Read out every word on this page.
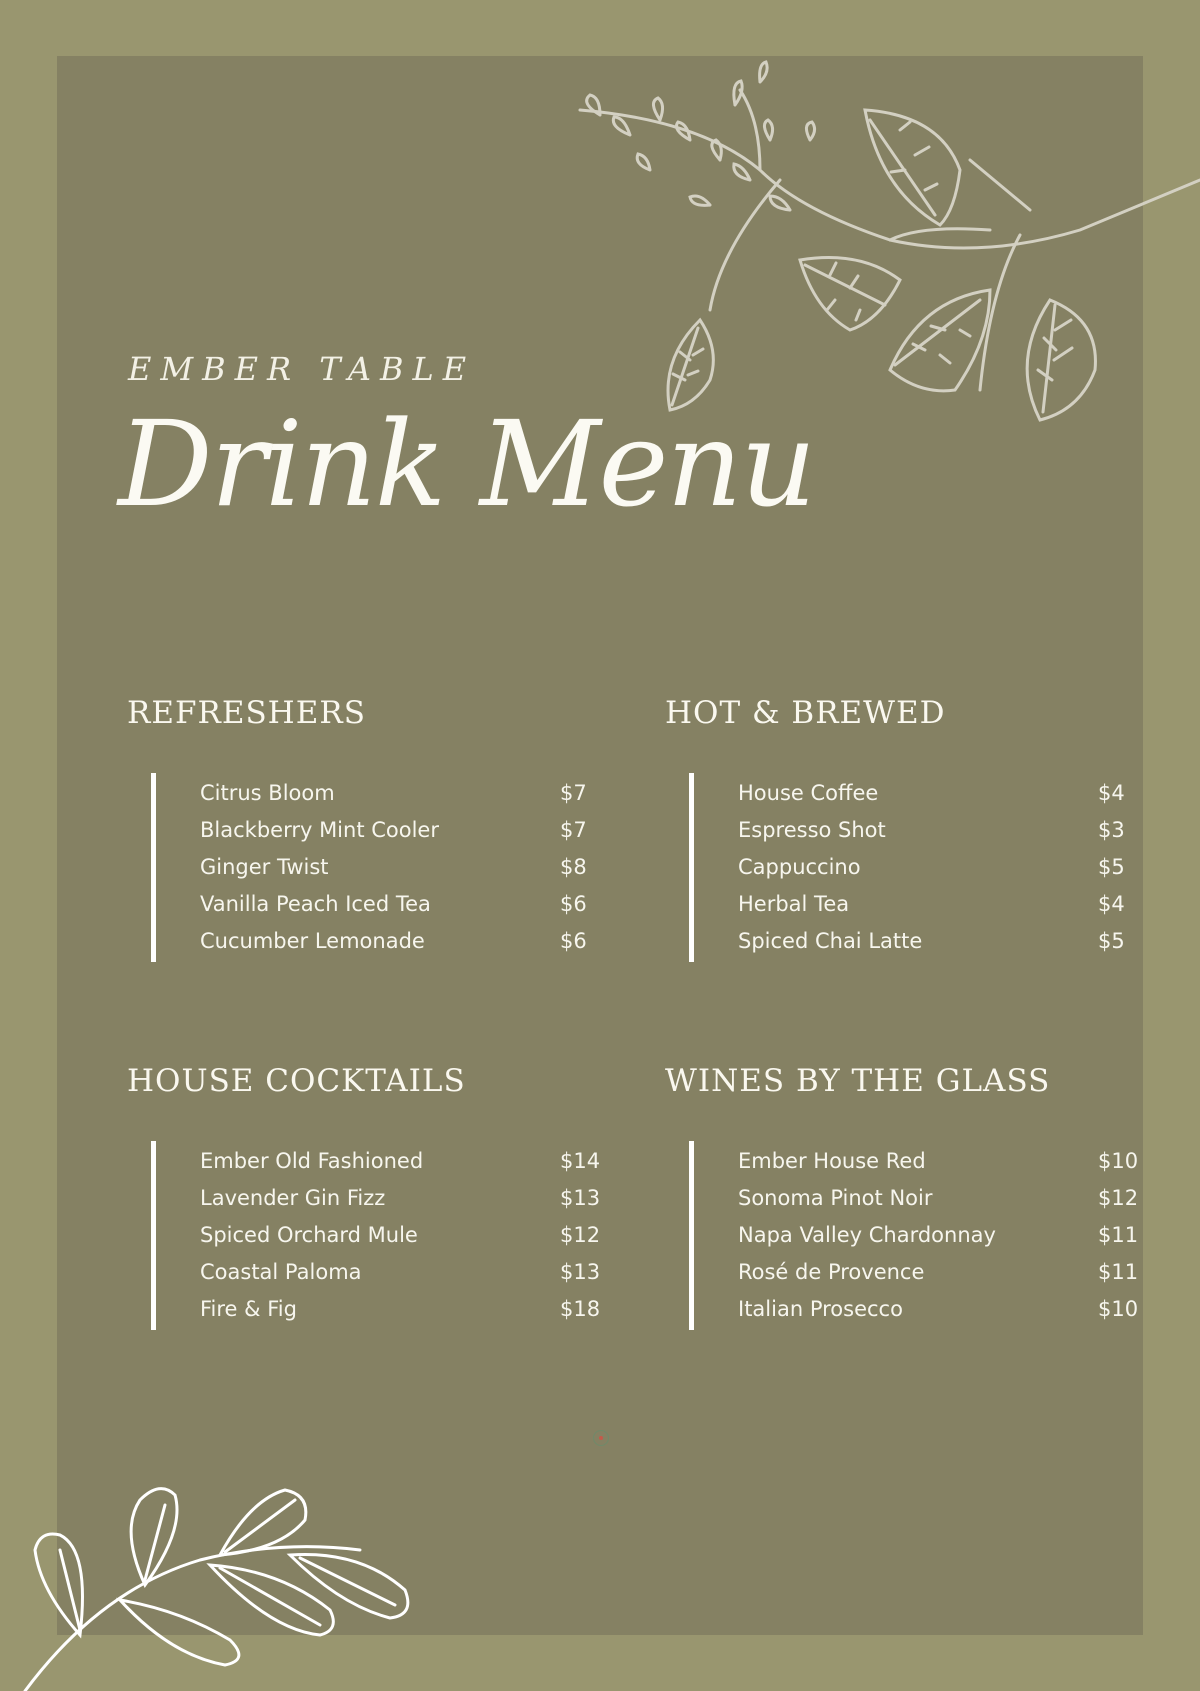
EMBER TABLE
Drink Menu
REFRESHERS
Citrus Bloom	$7
Blackberry Mint Cooler	$7
Ginger Twist	$8
Vanilla Peach Iced Tea	$6
Cucumber Lemonade	$6
HOT & BREWED
House Coffee	$4
Espresso Shot	$3
Cappuccino	$5
Herbal Tea	$4
Spiced Chai Latte	$5
HOUSE COCKTAILS
Ember Old Fashioned	$14
Lavender Gin Fizz	$13
Spiced Orchard Mule	$12
Coastal Paloma	$13
Fire & Fig	$18
WINES BY THE GLASS
Ember House Red	$10
Sonoma Pinot Noir	$12
Napa Valley Chardonnay	$11
Rosé de Provence	$11
Italian Prosecco	$10
